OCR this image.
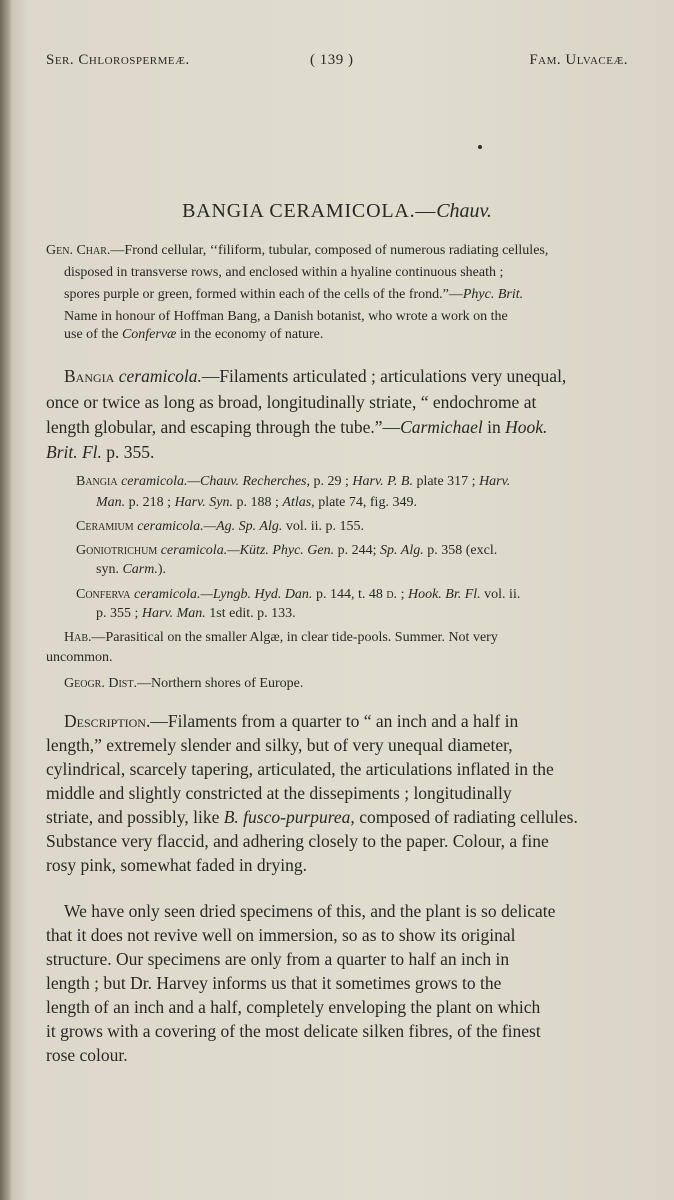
Ser. Chlorospermeæ.	( 139 )	Fam. Ulvaceæ.
BANGIA CERAMICOLA.—Chauv.
Gen. Char.—Frond cellular, ‘‘filiform, tubular, composed of numerous radiating cellules,
disposed in transverse rows, and enclosed within a hyaline continuous sheath ;
spores purple or green, formed within each of the cells of the frond.”—Phyc. Brit.
Name in honour of Hoffman Bang, a Danish botanist, who wrote a work on the
use of the Confervæ in the economy of nature.
Bangia ceramicola.—Filaments articulated ; articulations very unequal,
once or twice as long as broad, longitudinally striate, “ endochrome at
length globular, and escaping through the tube.”—Carmichael in Hook.
Brit. Fl. p. 355.
Bangia ceramicola.—Chauv. Recherches, p. 29 ; Harv. P. B. plate 317 ; Harv.
Man. p. 218 ; Harv. Syn. p. 188 ; Atlas, plate 74, fig. 349.
Ceramium ceramicola.—Ag. Sp. Alg. vol. ii. p. 155.
Goniotrichum ceramicola.—Kütz. Phyc. Gen. p. 244; Sp. Alg. p. 358 (excl.
syn. Carm.).
Conferva ceramicola.—Lyngb. Hyd. Dan. p. 144, t. 48 d. ; Hook. Br. Fl. vol. ii.
p. 355 ; Harv. Man. 1st edit. p. 133.
Hab.—Parasitical on the smaller Algæ, in clear tide-pools. Summer. Not very
uncommon.
Geogr. Dist.—Northern shores of Europe.
Description.—Filaments from a quarter to “ an inch and a half in
length,” extremely slender and silky, but of very unequal diameter,
cylindrical, scarcely tapering, articulated, the articulations inflated in the
middle and slightly constricted at the dissepiments ; longitudinally
striate, and possibly, like B. fusco-purpurea, composed of radiating cellules.
Substance very flaccid, and adhering closely to the paper. Colour, a fine
rosy pink, somewhat faded in drying.
We have only seen dried specimens of this, and the plant is so delicate
that it does not revive well on immersion, so as to show its original
structure. Our specimens are only from a quarter to half an inch in
length ; but Dr. Harvey informs us that it sometimes grows to the
length of an inch and a half, completely enveloping the plant on which
it grows with a covering of the most delicate silken fibres, of the finest
rose colour.
